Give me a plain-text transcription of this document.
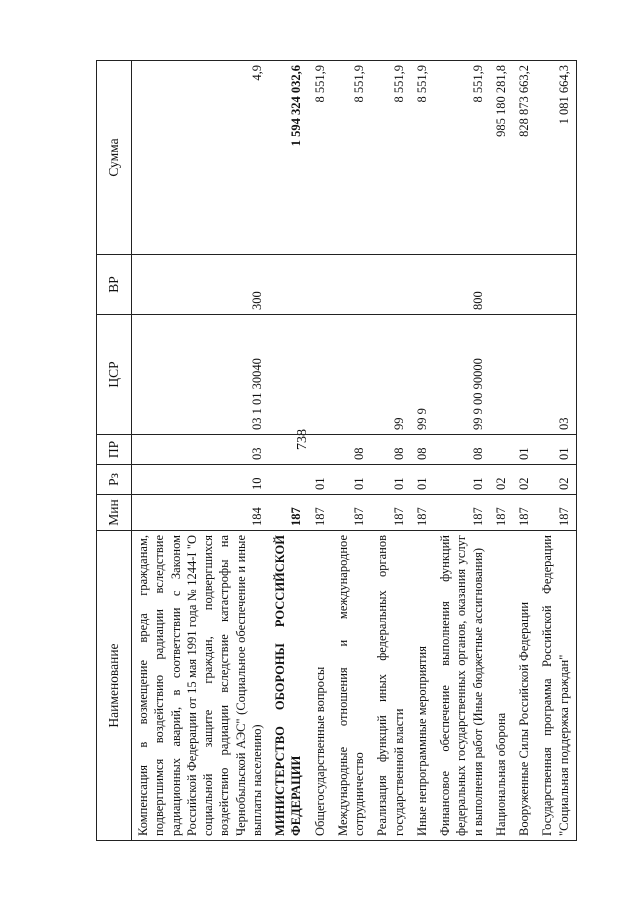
738
Наименование	Мин	Рз	ПР	ЦСР	ВР	Сумма
Компенсация в возмещение вреда гражданам, подвергшимся воздействию радиации вследствие радиационных аварий, в соответствии с Законом Российской Федерации от 15 мая 1991 года № 1244-I "О социальной защите граждан, подвергшихся воздействию радиации вследствие катастрофы на Чернобыльской АЭС" (Социальное обеспечение и иные выплаты населению)	184	10	03	03 1 01 30040	300	4,9
МИНИСТЕРСТВО ОБОРОНЫ РОССИЙСКОЙ ФЕДЕРАЦИИ	187					1 594 324 032,6
Общегосударственные вопросы	187	01				8 551,9
Международные отношения и международное сотрудничество	187	01	08			8 551,9
Реализация функций иных федеральных органов государственной власти	187	01	08	99		8 551,9
Иные непрограммные мероприятия	187	01	08	99 9		8 551,9
Финансовое обеспечение выполнения функций федеральных государственных органов, оказания услуг и выполнения работ (Иные бюджетные ассигнования)	187	01	08	99 9 00 90000	800	8 551,9
Национальная оборона	187	02				985 180 281,8
Вооруженные Силы Российской Федерации	187	02	01			828 873 663,2
Государственная программа Российской Федерации "Социальная поддержка граждан"	187	02	01	03		1 081 664,3
